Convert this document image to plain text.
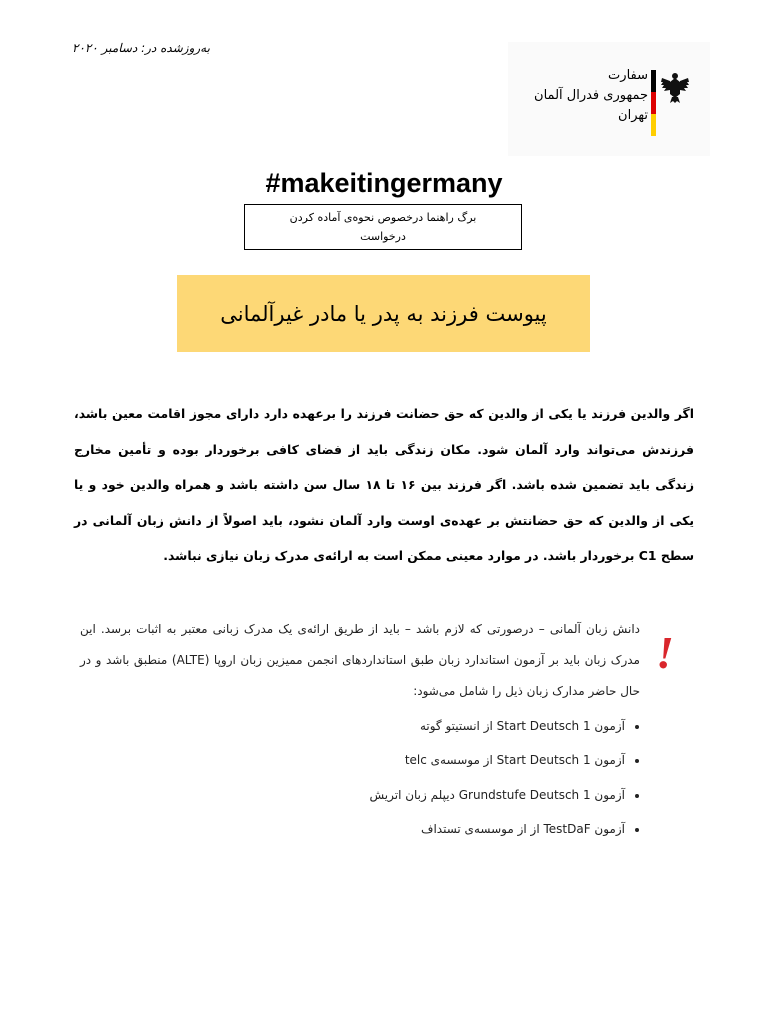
به‌روزشده در: دسامبر ۲۰۲۰
سفارت
جمهوری فدرال آلمان
تهران
#makeitingermany
برگ راهنما درخصوص نحوه‌ی آماده کردن درخواست
پیوست فرزند به پدر یا مادر غیرآلمانی
اگر والدین فرزند یا یکی از والدین که حق حضانت فرزند را برعهده دارد دارای مجوز اقامت معین باشد، فرزندش می‌تواند وارد آلمان شود. مکان زندگی باید از فضای کافی برخوردار بوده و تأمین مخارج زندگی باید تضمین شده باشد. اگر فرزند بین ۱۶ تا ۱۸ سال سن داشته باشد و همراه والدین خود و یا یکی از والدین که حق حضانتش بر عهده‌ی اوست وارد آلمان نشود، باید اصولاً از دانش زبان آلمانی در سطح C1 برخوردار باشد. در موارد معینی ممکن است به ارائه‌ی مدرک زبان نیازی نباشد.
!
دانش زبان آلمانی – درصورتی که لازم باشد – باید از طریق ارائه‌ی یک مدرک زبانی معتبر به اثبات برسد. این مدرک زبان باید بر آزمون استاندارد زبان طبق استانداردهای انجمن ممیزین زبان اروپا (ALTE) منطبق باشد و در حال حاضر مدارک زبان ذیل را شامل می‌شود:
• آزمون Start Deutsch 1 از انستیتو گوته
• آزمون Start Deutsch 1 از موسسه‌ی telc
• آزمون Grundstufe Deutsch 1 دیپلم زبان اتریش
• آزمون TestDaF از از موسسه‌ی تستداف
